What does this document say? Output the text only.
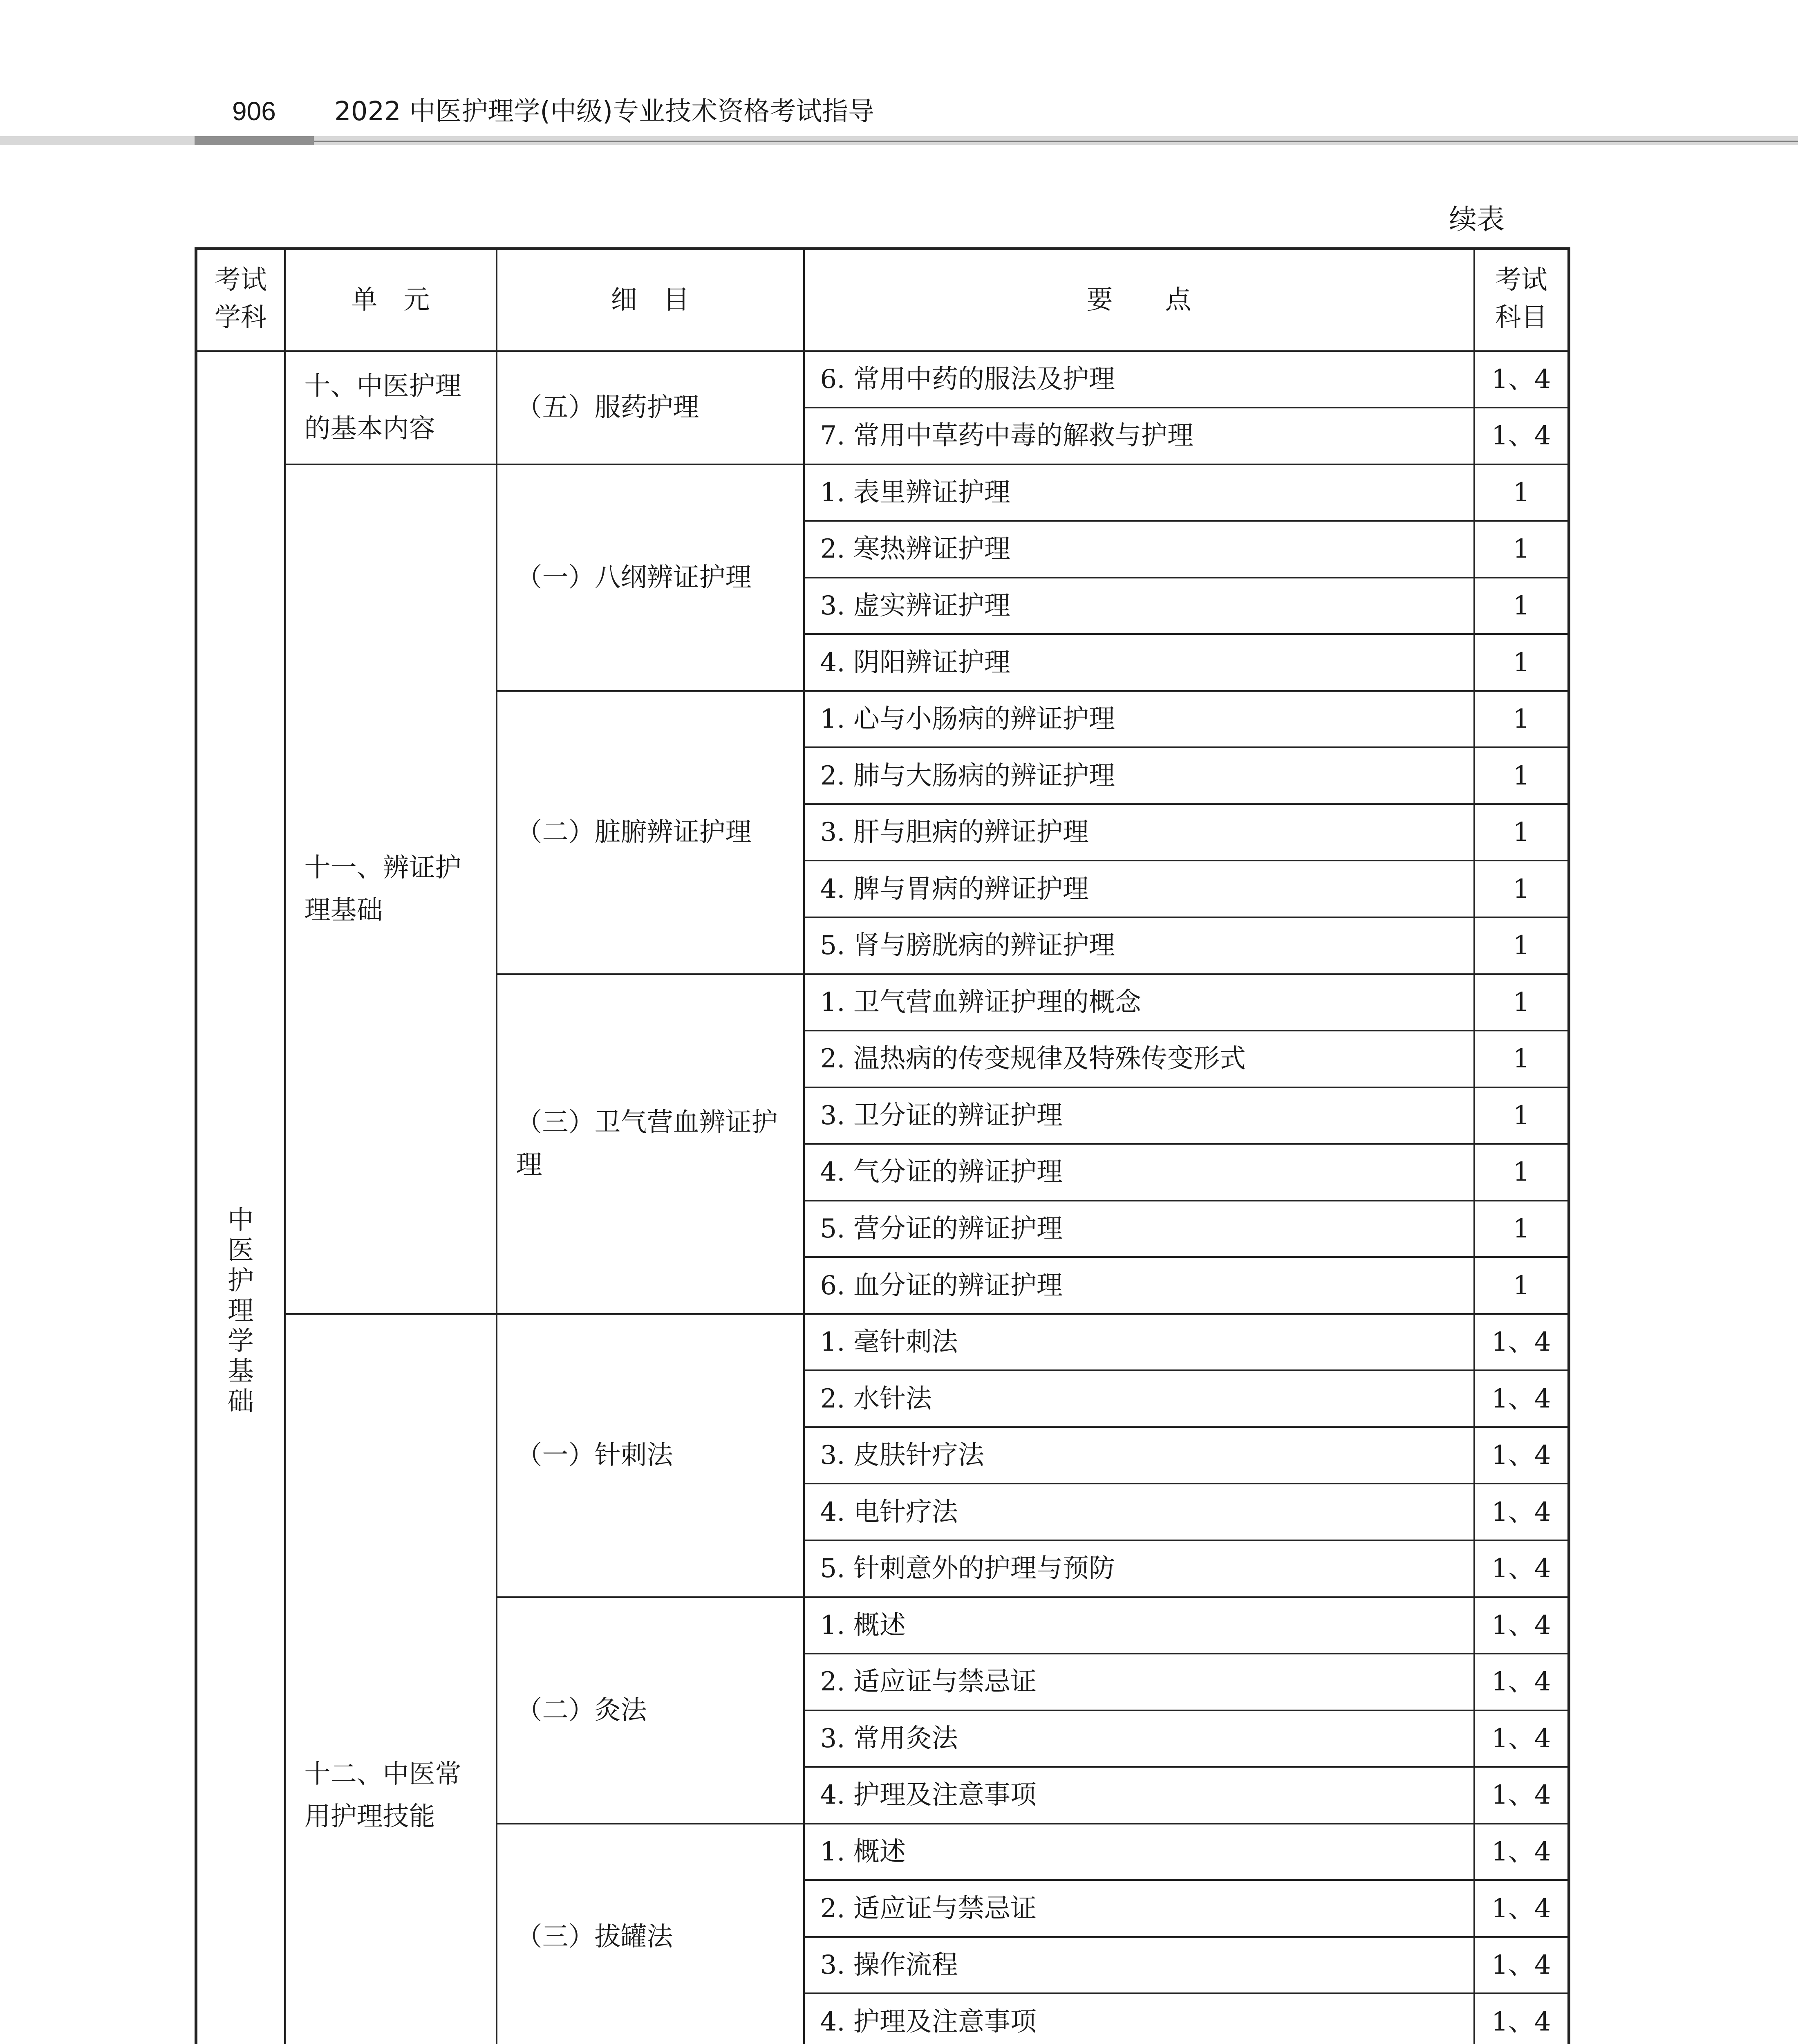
906 2022 中医护理学(中级)专业技术资格考试指导
续表
考试学科	单　元	细　目	要　　点	考试科目
中医护理学基础	十、中医护理的基本内容	（五）服药护理	6. 常用中药的服法及护理	1、4
			7. 常用中草药中毒的解救与护理	1、4
	十一、辨证护理基础	（一）八纲辨证护理	1. 表里辨证护理	1
			2. 寒热辨证护理	1
			3. 虚实辨证护理	1
			4. 阴阳辨证护理	1
		（二）脏腑辨证护理	1. 心与小肠病的辨证护理	1
			2. 肺与大肠病的辨证护理	1
			3. 肝与胆病的辨证护理	1
			4. 脾与胃病的辨证护理	1
			5. 肾与膀胱病的辨证护理	1
		（三）卫气营血辨证护理	1. 卫气营血辨证护理的概念	1
			2. 温热病的传变规律及特殊传变形式	1
			3. 卫分证的辨证护理	1
			4. 气分证的辨证护理	1
			5. 营分证的辨证护理	1
			6. 血分证的辨证护理	1
	十二、中医常用护理技能	（一）针刺法	1. 毫针刺法	1、4
			2. 水针法	1、4
			3. 皮肤针疗法	1、4
			4. 电针疗法	1、4
			5. 针刺意外的护理与预防	1、4
		（二）灸法	1. 概述	1、4
			2. 适应证与禁忌证	1、4
			3. 常用灸法	1、4
			4. 护理及注意事项	1、4
		（三）拔罐法	1. 概述	1、4
			2. 适应证与禁忌证	1、4
			3. 操作流程	1、4
			4. 护理及注意事项	1、4
